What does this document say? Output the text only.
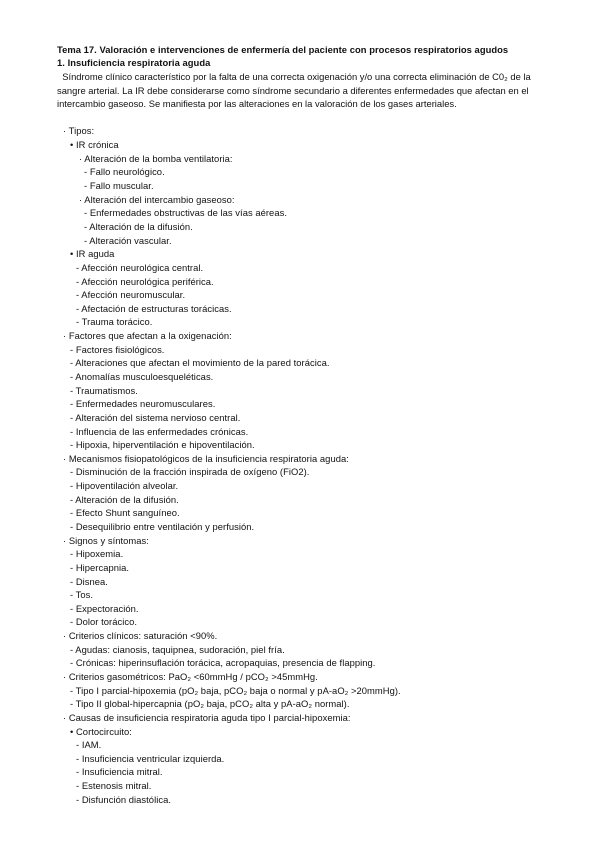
Tema 17. Valoración e intervenciones de enfermería del paciente con procesos respiratorios agudos
1. Insuficiencia respiratoria aguda
Síndrome clínico característico por la falta de una correcta oxigenación y/o una correcta eliminación de C0₂ de la sangre arterial. La IR debe considerarse como síndrome secundario a diferentes enfermedades que afectan en el intercambio gaseoso. Se manifiesta por las alteraciones en la valoración de los gases arteriales.
· Tipos:
• IR crónica
· Alteración de la bomba ventilatoria:
- Fallo neurológico.
- Fallo muscular.
· Alteración del intercambio gaseoso:
- Enfermedades obstructivas de las vías aéreas.
- Alteración de la difusión.
- Alteración vascular.
• IR aguda
- Afección neurológica central.
- Afección neurológica periférica.
- Afección neuromuscular.
- Afectación de estructuras torácicas.
- Trauma torácico.
· Factores que afectan a la oxigenación:
- Factores fisiológicos.
- Alteraciones que afectan el movimiento de la pared torácica.
- Anomalías musculoesqueléticas.
- Traumatismos.
- Enfermedades neuromusculares.
- Alteración del sistema nervioso central.
- Influencia de las enfermedades crónicas.
- Hipoxia, hiperventilación e hipoventilación.
· Mecanismos fisiopatológicos de la insuficiencia respiratoria aguda:
- Disminución de la fracción inspirada de oxígeno (FiO2).
- Hipoventilación alveolar.
- Alteración de la difusión.
- Efecto Shunt sanguíneo.
- Desequilibrio entre ventilación y perfusión.
· Signos y síntomas:
- Hipoxemia.
- Hipercapnia.
- Disnea.
- Tos.
- Expectoración.
- Dolor torácico.
· Criterios clínicos: saturación <90%.
- Agudas: cianosis, taquipnea, sudoración, piel fría.
- Crónicas: hiperinsuflación torácica, acropaquias, presencia de flapping.
· Criterios gasométricos: PaO₂ <60mmHg / pCO₂ >45mmHg.
- Tipo I parcial-hipoxemia (pO₂ baja, pCO₂ baja o normal y pA-aO₂ >20mmHg).
- Tipo II global-hipercapnia (pO₂ baja, pCO₂ alta y pA-aO₂ normal).
· Causas de insuficiencia respiratoria aguda tipo I parcial-hipoxemia:
• Cortocircuito:
- IAM.
- Insuficiencia ventricular izquierda.
- Insuficiencia mitral.
- Estenosis mitral.
- Disfunción diastólica.
